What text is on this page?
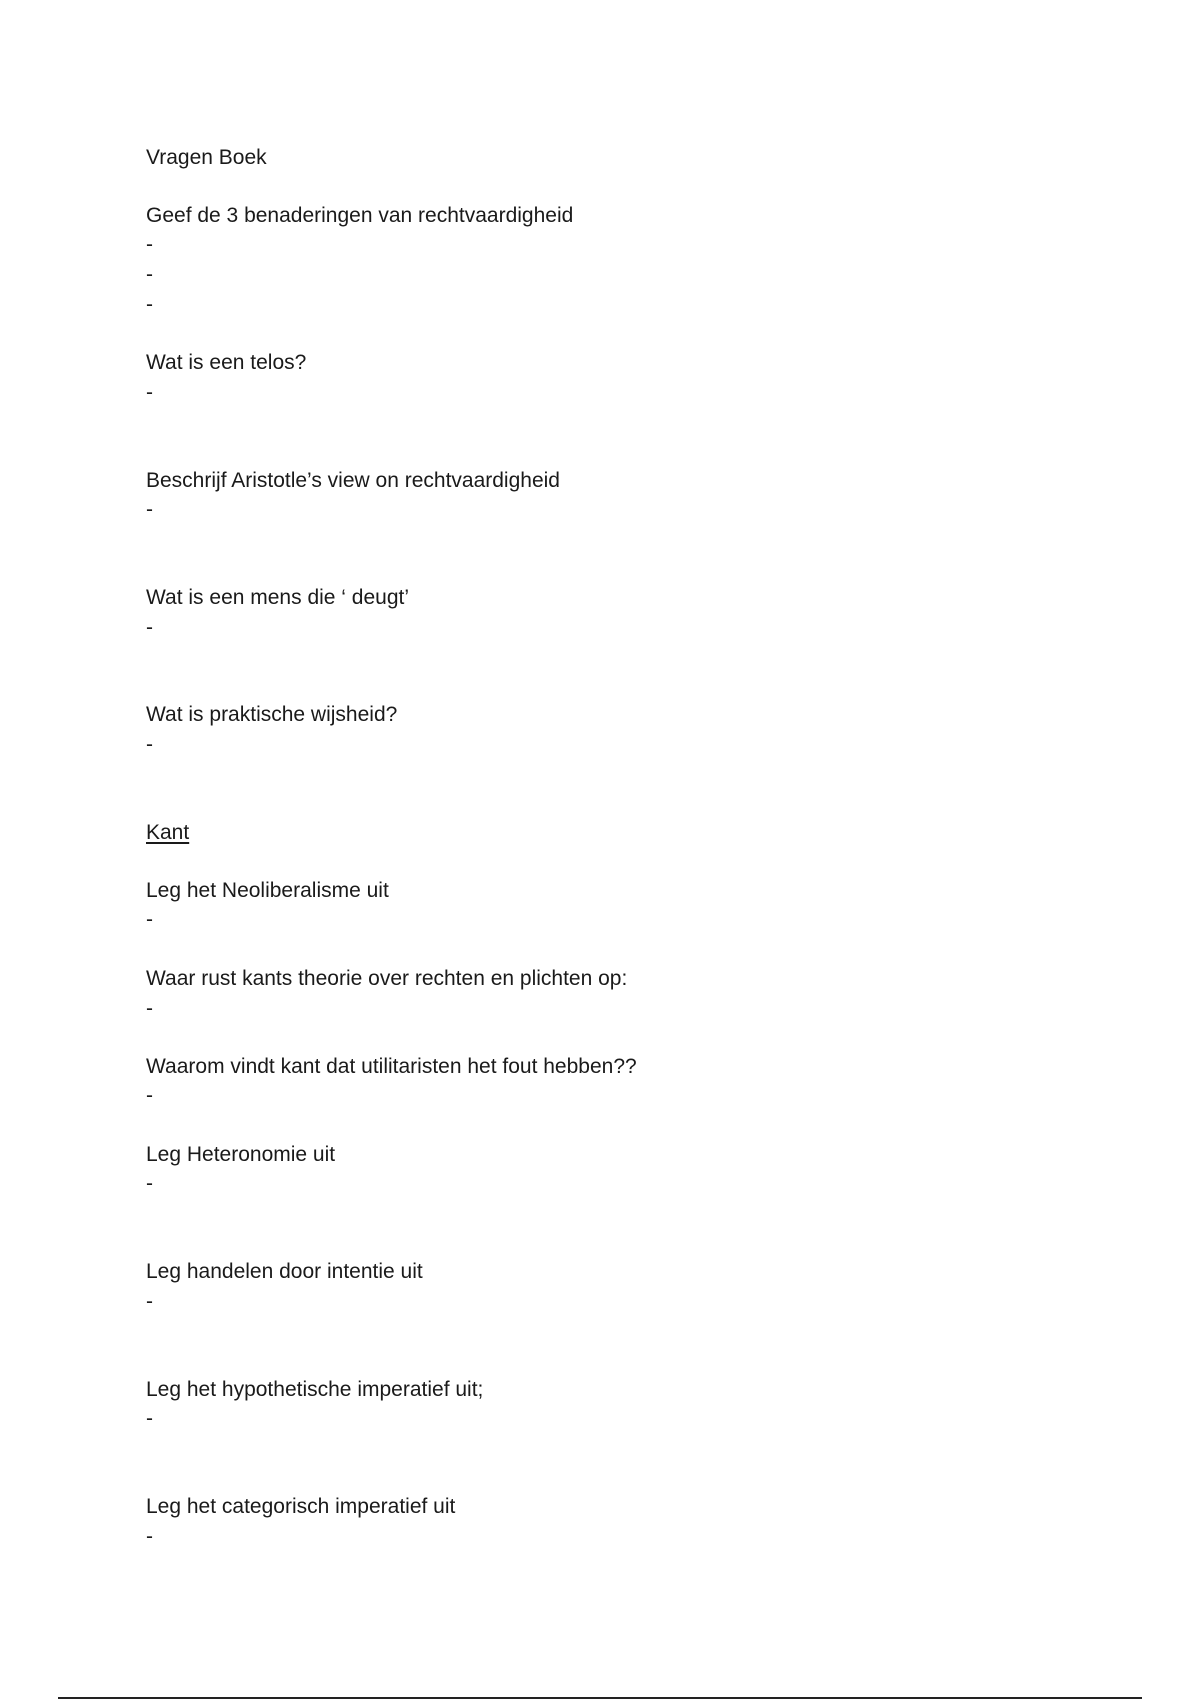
Vragen Boek
Geef de 3 benaderingen van rechtvaardigheid
-
-
-
Wat is een telos?
-
Beschrijf Aristotle’s view on rechtvaardigheid
-
Wat is een mens die ‘ deugt’
-
Wat is praktische wijsheid?
-
Kant
Leg het Neoliberalisme uit
-
Waar rust kants theorie over rechten en plichten op:
-
Waarom vindt kant dat utilitaristen het fout hebben??
-
Leg Heteronomie uit
-
Leg handelen door intentie uit
-
Leg het hypothetische imperatief uit;
-
Leg het categorisch imperatief uit
-
